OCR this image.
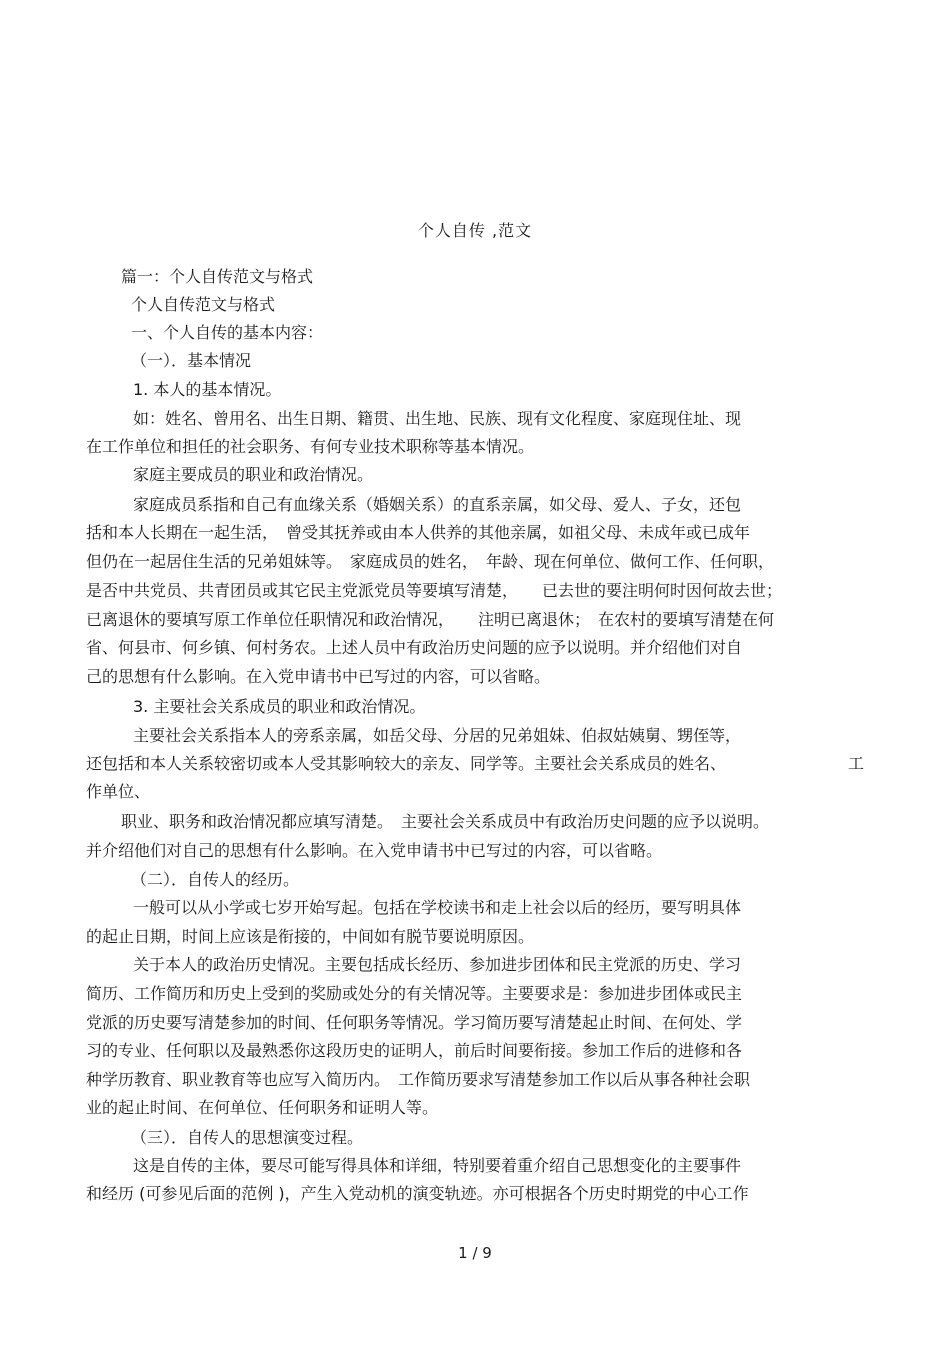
个人自传 ,范文
篇一：个人自传范文与格式
个人自传范文与格式
一、个人自传的基本内容：
（一）．基本情况
1. 本人的基本情况。
如：姓名、曾用名、出生日期、籍贯、出生地、民族、现有文化程度、家庭现住址、现
在工作单位和担任的社会职务、有何专业技术职称等基本情况。
家庭主要成员的职业和政治情况。
家庭成员系指和自己有血缘关系（婚姻关系）的直系亲属，如父母、爱人、子女，还包
括和本人长期在一起生活，　曾受其抚养或由本人供养的其他亲属，如祖父母、未成年或已成年
但仍在一起居住生活的兄弟姐妹等。　家庭成员的姓名，　年龄、现在何单位、做何工作、任何职，
是否中共党员、共青团员或其它民主党派党员等要填写清楚，　　已去世的要注明何时因何故去世；
已离退休的要填写原工作单位任职情况和政治情况，　　注明已离退休；　在农村的要填写清楚在何
省、何县市、何乡镇、何村务农。上述人员中有政治历史问题的应予以说明。并介绍他们对自
己的思想有什么影响。在入党申请书中已写过的内容，可以省略。
3. 主要社会关系成员的职业和政治情况。
主要社会关系指本人的旁系亲属，如岳父母、分居的兄弟姐妹、伯叔姑姨舅、甥侄等，
还包括和本人关系较密切或本人受其影响较大的亲友、同学等。主要社会关系成员的姓名、	工
作单位、
职业、职务和政治情况都应填写清楚。　主要社会关系成员中有政治历史问题的应予以说明。
并介绍他们对自己的思想有什么影响。在入党申请书中已写过的内容，可以省略。
（二）．自传人的经历。
一般可以从小学或七岁开始写起。包括在学校读书和走上社会以后的经历，要写明具体
的起止日期，时间上应该是衔接的，中间如有脱节要说明原因。
关于本人的政治历史情况。主要包括成长经历、参加进步团体和民主党派的历史、学习
简历、工作简历和历史上受到的奖励或处分的有关情况等。主要要求是：参加进步团体或民主
党派的历史要写清楚参加的时间、任何职务等情况。学习简历要写清楚起止时间、在何处、学
习的专业、任何职以及最熟悉你这段历史的证明人，前后时间要衔接。参加工作后的进修和各
种学历教育、职业教育等也应写入简历内。　工作简历要求写清楚参加工作以后从事各种社会职
业的起止时间、在何单位、任何职务和证明人等。
（三）．自传人的思想演变过程。
这是自传的主体，要尽可能写得具体和详细，特别要着重介绍自己思想变化的主要事件
和经历 (可参见后面的范例 )，产生入党动机的演变轨迹。亦可根据各个历史时期党的中心工作
1 / 9
